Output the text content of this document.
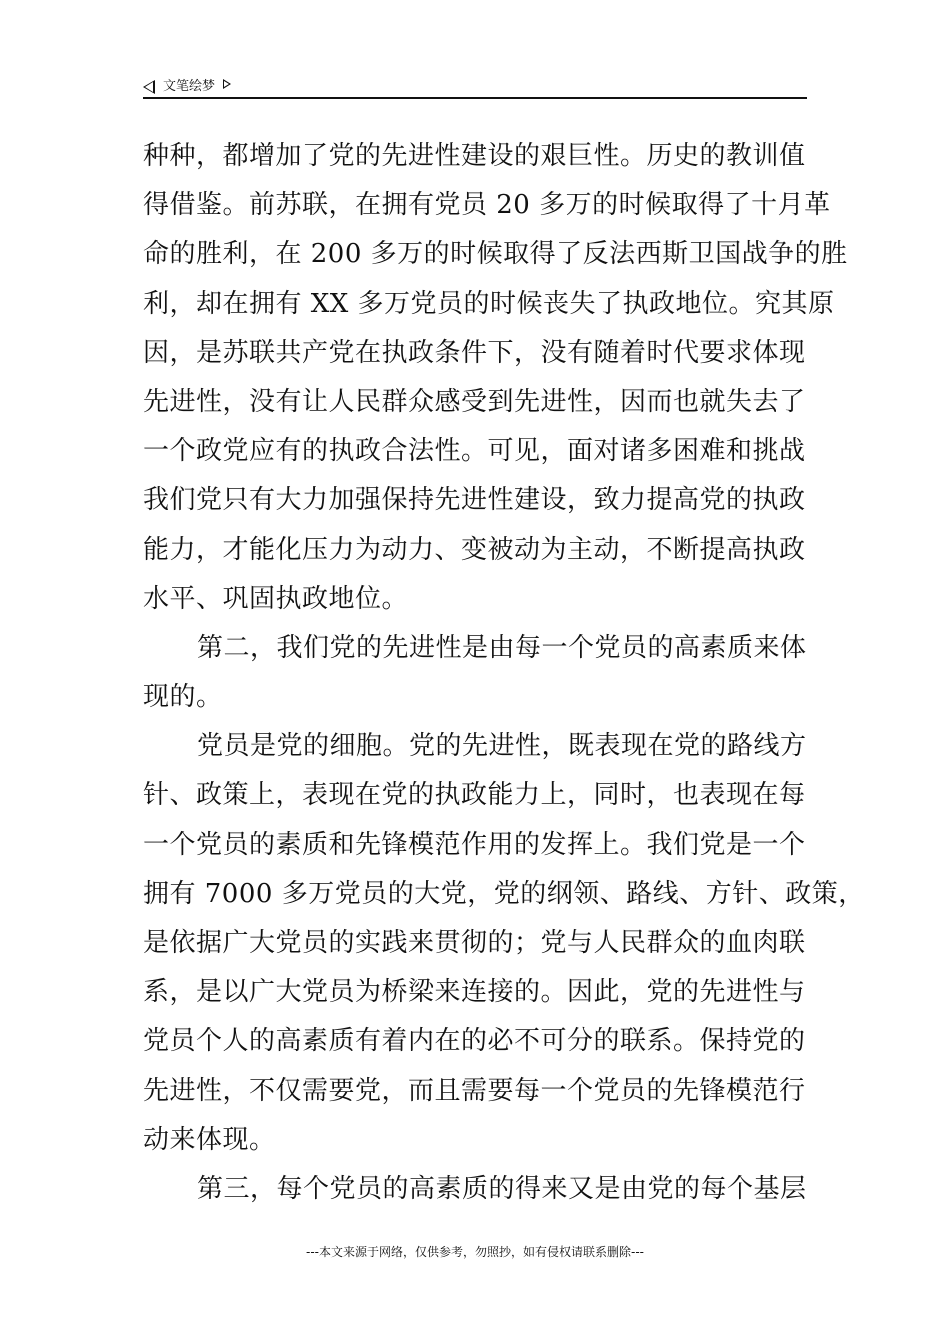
文笔绘梦
种种，都增加了党的先进性建设的艰巨性。历史的教训值
得借鉴。前苏联，在拥有党员 20 多万的时候取得了十月革
命的胜利，在 200 多万的时候取得了反法西斯卫国战争的胜
利，却在拥有 XX 多万党员的时候丧失了执政地位。究其原
因，是苏联共产党在执政条件下，没有随着时代要求体现
先进性，没有让人民群众感受到先进性，因而也就失去了
一个政党应有的执政合法性。可见，面对诸多困难和挑战
我们党只有大力加强保持先进性建设，致力提高党的执政
能力，才能化压力为动力、变被动为主动，不断提高执政
水平、巩固执政地位。
第二，我们党的先进性是由每一个党员的高素质来体
现的。
党员是党的细胞。党的先进性，既表现在党的路线方
针、政策上，表现在党的执政能力上，同时，也表现在每
一个党员的素质和先锋模范作用的发挥上。我们党是一个
拥有 7000 多万党员的大党，党的纲领、路线、方针、政策，
是依据广大党员的实践来贯彻的；党与人民群众的血肉联
系，是以广大党员为桥梁来连接的。因此，党的先进性与
党员个人的高素质有着内在的必不可分的联系。保持党的
先进性，不仅需要党，而且需要每一个党员的先锋模范行
动来体现。
第三，每个党员的高素质的得来又是由党的每个基层
---本文来源于网络，仅供参考，勿照抄，如有侵权请联系删除---
